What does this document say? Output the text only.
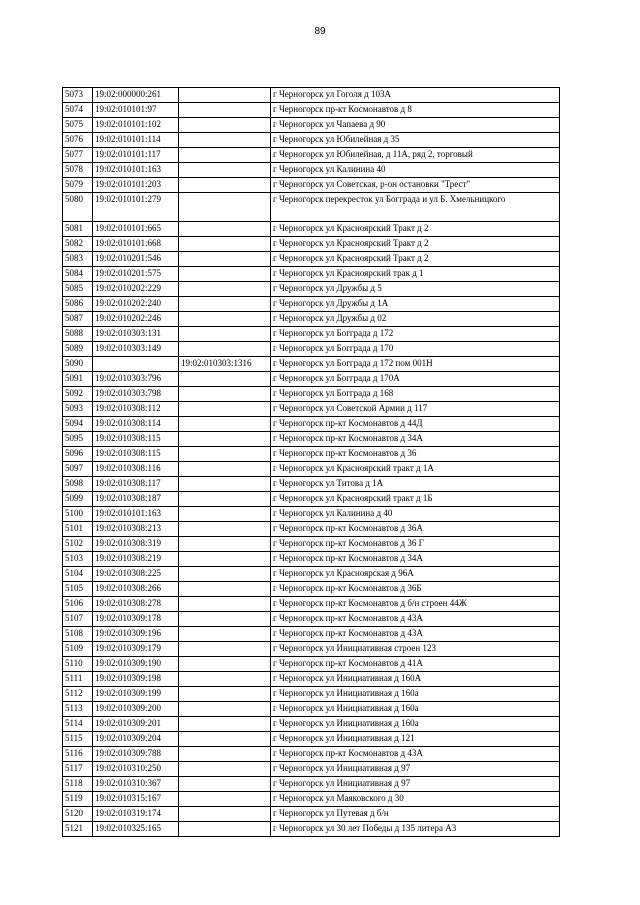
89
5073	19:02:000000:261		г Черногорск ул Гоголя д 103А
5074	19:02:010101:97		г Черногорск пр-кт Космонавтов д 8
5075	19:02:010101:102		г Черногорск ул Чапаева д 90
5076	19:02:010101:114		г Черногорск ул Юбилейная д 35
5077	19:02:010101:117		г Черногорск ул Юбилейная, д 11А, ряд 2, торговый
5078	19:02:010101:163		г Черногорск ул Калинина 40
5079	19:02:010101:203		г Черногорск ул Советская, р-он остановки "Трест"
5080	19:02:010101:279		г Черногорск перекресток ул Богграда и ул Б. Хмельницкого
5081	19:02:010101:665		г Черногорск ул Красноярский Тракт д 2
5082	19:02:010101:668		г Черногорск ул Красноярский Тракт д 2
5083	19:02:010201:546		г Черногорск ул Красноярский Тракт д 2
5084	19:02:010201:575		г Черногорск ул Красноярский трак д 1
5085	19:02:010202:229		г Черногорск ул Дружбы д 5
5086	19:02:010202:240		г Черногорск ул Дружбы д 1А
5087	19:02:010202:246		г Черногорск ул Дружбы д 02
5088	19:02:010303:131		г Черногорск ул Богграда д 172
5089	19:02:010303:149		г Черногорск ул Богграда д 170
5090		19:02:010303:1316	г Черногорск ул Богграда д 172 пом 001Н
5091	19:02:010303:796		г Черногорск ул Богграда д 170А
5092	19:02:010303:798		г Черногорск ул Богграда д 168
5093	19:02:010308:112		г Черногорск ул Советской Армии д 117
5094	19:02:010308:114		г Черногорск пр-кт Космонавтов д 44Д
5095	19:02:010308:115		г Черногорск пр-кт Космонавтов д 34А
5096	19:02:010308:115		г Черногорск пр-кт Космонавтов д 36
5097	19:02:010308:116		г Черногорск ул Красноярский тракт д 1А
5098	19:02:010308:117		г Черногорск ул Титова д 1А
5099	19:02:010308:187		г Черногорск ул Красноярский тракт д 1Б
5100	19:02:010101:163		г Черногорск ул Калинина д 40
5101	19:02:010308:213		г Черногорск пр-кт Космонавтов д 36А
5102	19:02:010308:319		г Черногорск пр-кт Космонавтов д 36 Г
5103	19:02:010308:219		г Черногорск пр-кт Космонавтов д 34А
5104	19:02:010308:225		г Черногорск ул Красноярская д 96А
5105	19:02:010308:266		г Черногорск пр-кт Космонавтов д 36Б
5106	19:02:010308:278		г Черногорск пр-кт Космонавтов д б/н строен 44Ж
5107	19:02:010309:178		г Черногорск пр-кт Космонавтов д 43А
5108	19:02:010309:196		г Черногорск пр-кт Космонавтов д 43А
5109	19:02:010309:179		г Черногорск ул Инициативная строен 123
5110	19:02:010309:190		г Черногорск пр-кт Космонавтов д 41А
5111	19:02:010309:198		г Черногорск ул Инициативная д 160А
5112	19:02:010309:199		г Черногорск ул Инициативная д 160а
5113	19:02:010309:200		г Черногорск ул Инициативная д 160а
5114	19:02:010309:201		г Черногорск ул Инициативная д 160а
5115	19:02:010309:204		г Черногорск ул Инициативная д 121
5116	19:02:010309:788		г Черногорск пр-кт Космонавтов д 43А
5117	19:02:010310:250		г Черногорск ул Инициативная д 97
5118	19:02:010310:367		г Черногорск ул Инициативная д 97
5119	19:02:010315:167		г Черногорск ул Маяковского д 30
5120	19:02:010319:174		г Черногорск ул Путевая д б/н
5121	19:02:010325:165		г Черногорск ул 30 лет Победы д 135 литера А3
